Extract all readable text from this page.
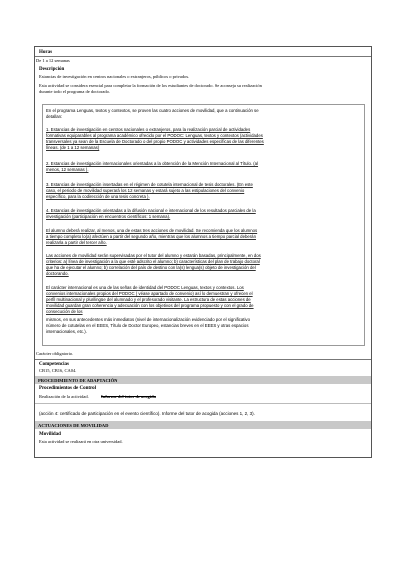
Horas
De 1 a 12 semanas
Descripción
Estancias de investigación en centros nacionales o extranjeros, públicos o privados.
Esta actividad se considera esencial para completar la formación de los estudiantes de doctorado. Se aconseja su realización
durante todo el programa de doctorado.
En el programa Lenguas, textos y contextos, se proven las cuatro acciones de movilidad, que a continuación se
detallan:
1. Estancias de investigación en centros nacionales o extranjeros, para la realización parcial de actividades
formativas equiparables al programa académico ofrecido por el PODOC: Lenguas, textos y contextos (actividades
transversales ya sean de la Escuela de Doctorado o del propio PODOC y actividades específicas de las diferentes
líneas. (de 1 a 12 semanas)
2. Estancias de investigación internacionales orientadas a la obtención de la Mención Internacional al Título. (al
menos, 12 semanas ).
3. Estancias de investigación insertadas en el régimen de cotutela internacional de tesis doctorales. (En este
caso, el periodo de movilidad superará los 12 semanas y estará sujeto a las estipulaciones del convenio
específico, para la codirección de una tesis concreta ).
4. Estancias de investigación orientadas a la difusión nacional e internacional de los resultados parciales de la
investigación (participación en encuentros científicos: 1 semana).
El alumno deberá realizar, al menos, una de estas tres acciones de movilidad. Se recomienda que los alumnos
a tiempo completo lo(a) afectúen a partir del segundo año, mientras que los alumnos a tiempo parcial deberán
realizarla a partir del tercer año.
Las acciones de movilidad serán supervisadas por el tutor del alumno y estarán basadas, principalmente, en dos
criterios: a) línea de investigación a la que esté adscrito el alumno; b) características del plan de trabajo doctoral
que ha de ejecutar el alumno; b) correlación del país de destino con la(s) lengua(s) objeto de investigación del
doctorando.
El carácter internacional es una de las señas de identidad del PODOC Lenguas, textos y contextos. Los
convenios internacionales propios del PODOC ( véase apartado de convenio) así lo demuestran y ofrecen el
perfil multinacional y plurilingüe del alumnado y el profesorado visitante. La estructura de estas acciones de
movilidad guardan gran coherencia y adecuación con los objetivos del programa propuesto y con el grado de
consecución de los
mismos, en sus antecedentes más inmediatos (nivel de internacionalización evidenciado por el significativo
número de cotutelas en el EEES, Título de Doctor Europeo, estancias breves en el EEES y otras espacios
internacionales, etc.).
Carácter obligatorio.
Competencias
CB15, CB16, CA04.
PROCEDIMIENTO DE ADAPTACIÓN
Procedimientos de Control
Realización de la actividad.	Informe del tutor de acogida
(acción 4: certificado de participación en el evento científico). Informe del tutor de acogida (acciones 1, 2, 3).
ACTUACIONES DE MOVILIDAD
Movilidad
Esta actividad se realizará en otra universidad.
